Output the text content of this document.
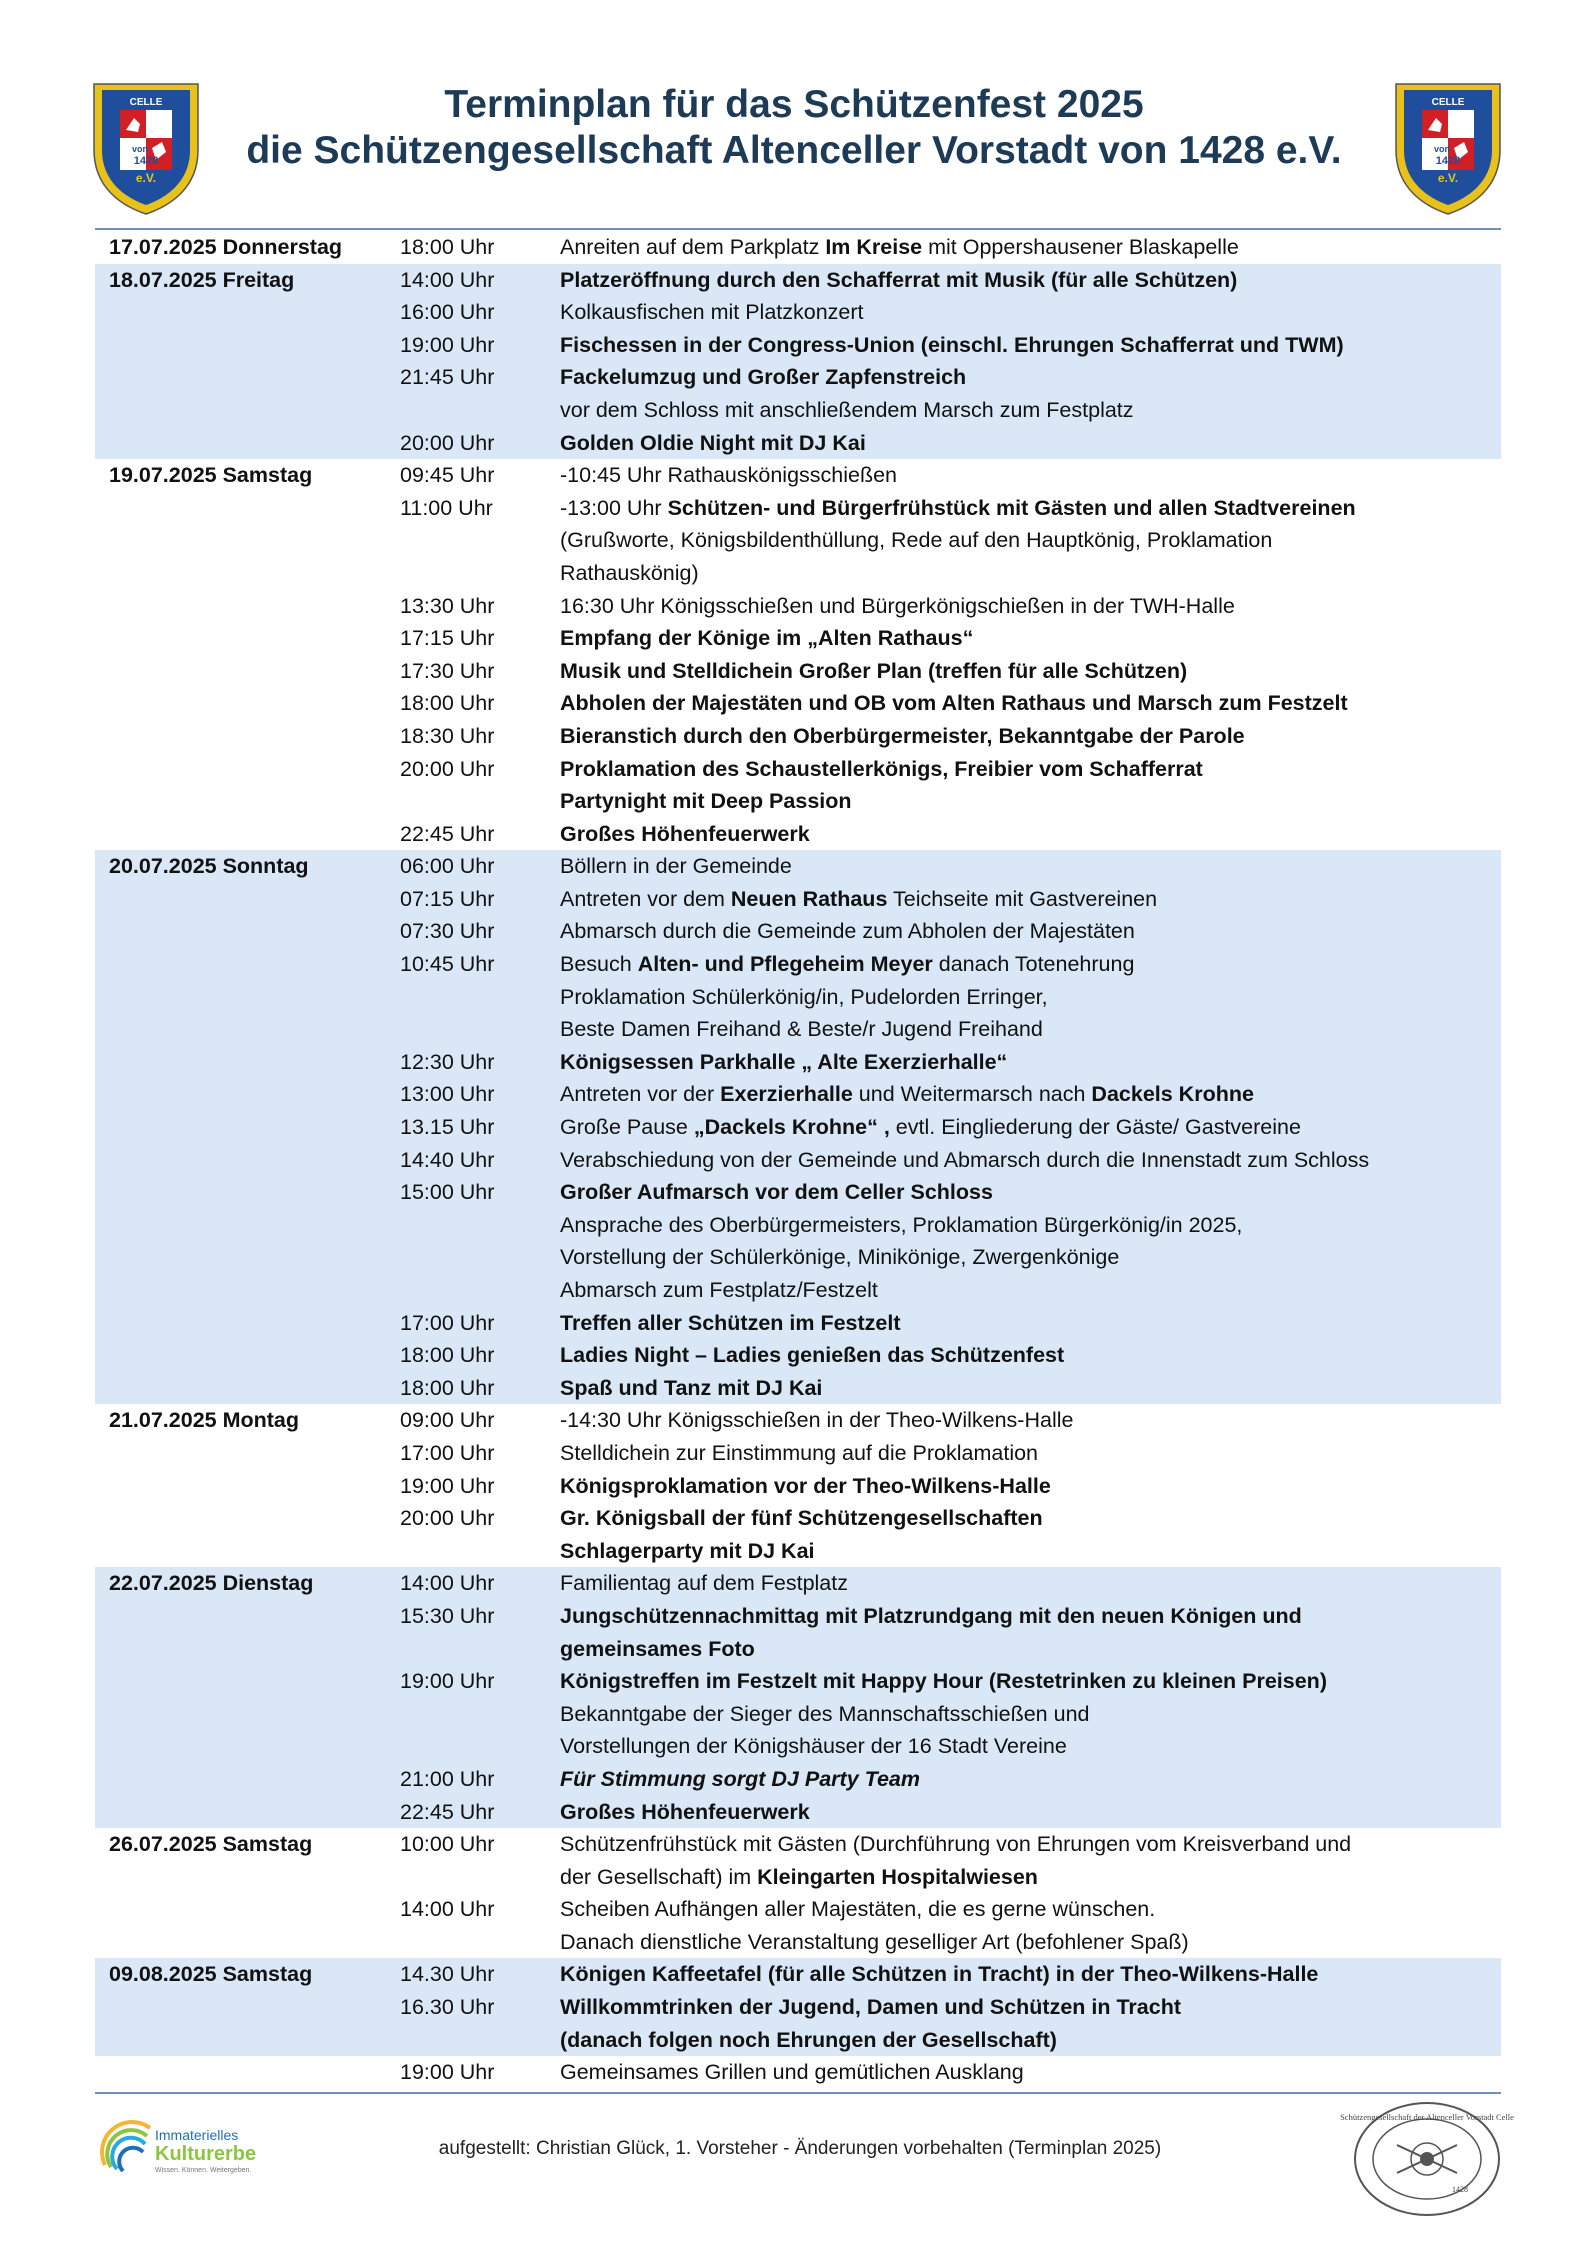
CELLE
von
1428
e.V.
CELLE
von
1428
e.V.
Terminplan für das Schützenfest 2025
die Schützengesellschaft Altenceller Vorstadt von 1428 e.V.
17.07.2025 Donnerstag	18:00 Uhr	Anreiten auf dem Parkplatz Im Kreise mit Oppershausener Blaskapelle
18.07.2025 Freitag	14:00 Uhr	Platzeröffnung durch den Schafferrat mit Musik (für alle Schützen)
16:00 Uhr	Kolkausfischen mit Platzkonzert
19:00 Uhr	Fischessen in der Congress-Union (einschl. Ehrungen Schafferrat und TWM)
21:45 Uhr	Fackelumzug und Großer Zapfenstreich
vor dem Schloss mit anschließendem Marsch zum Festplatz
20:00 Uhr	Golden Oldie Night mit DJ Kai
19.07.2025 Samstag	09:45 Uhr	-10:45 Uhr Rathauskönigsschießen
11:00 Uhr	-13:00 Uhr Schützen- und Bürgerfrühstück mit Gästen und allen Stadtvereinen
(Grußworte, Königsbildenthüllung, Rede auf den Hauptkönig, Proklamation
Rathauskönig)
13:30 Uhr	16:30 Uhr Königsschießen und Bürgerkönigschießen in der TWH-Halle
17:15 Uhr	Empfang der Könige im „Alten Rathaus“
17:30 Uhr	Musik und Stelldichein Großer Plan (treffen für alle Schützen)
18:00 Uhr	Abholen der Majestäten und OB vom Alten Rathaus und Marsch zum Festzelt
18:30 Uhr	Bieranstich durch den Oberbürgermeister, Bekanntgabe der Parole
20:00 Uhr	Proklamation des Schaustellerkönigs, Freibier vom Schafferrat
Partynight mit Deep Passion
22:45 Uhr	Großes Höhenfeuerwerk
20.07.2025 Sonntag	06:00 Uhr	Böllern in der Gemeinde
07:15 Uhr	Antreten vor dem Neuen Rathaus Teichseite mit Gastvereinen
07:30 Uhr	Abmarsch durch die Gemeinde zum Abholen der Majestäten
10:45 Uhr	Besuch Alten- und Pflegeheim Meyer danach Totenehrung
Proklamation Schülerkönig/in, Pudelorden Erringer,
Beste Damen Freihand & Beste/r Jugend Freihand
12:30 Uhr	Königsessen Parkhalle „ Alte Exerzierhalle“
13:00 Uhr	Antreten vor der Exerzierhalle und Weitermarsch nach Dackels Krohne
13.15 Uhr	Große Pause „Dackels Krohne“ , evtl. Eingliederung der Gäste/ Gastvereine
14:40 Uhr	Verabschiedung von der Gemeinde und Abmarsch durch die Innenstadt zum Schloss
15:00 Uhr	Großer Aufmarsch vor dem Celler Schloss
Ansprache des Oberbürgermeisters, Proklamation Bürgerkönig/in 2025,
Vorstellung der Schülerkönige, Minikönige, Zwergenkönige
Abmarsch zum Festplatz/Festzelt
17:00 Uhr	Treffen aller Schützen im Festzelt
18:00 Uhr	Ladies Night – Ladies genießen das Schützenfest
18:00 Uhr	Spaß und Tanz mit DJ Kai
21.07.2025 Montag	09:00 Uhr	-14:30 Uhr Königsschießen in der Theo-Wilkens-Halle
17:00 Uhr	Stelldichein zur Einstimmung auf die Proklamation
19:00 Uhr	Königsproklamation vor der Theo-Wilkens-Halle
20:00 Uhr	Gr. Königsball der fünf Schützengesellschaften
Schlagerparty mit DJ Kai
22.07.2025 Dienstag	14:00 Uhr	Familientag auf dem Festplatz
15:30 Uhr	Jungschützennachmittag mit Platzrundgang mit den neuen Königen und
gemeinsames Foto
19:00 Uhr	Königstreffen im Festzelt mit Happy Hour (Restetrinken zu kleinen Preisen)
Bekanntgabe der Sieger des Mannschaftsschießen und
Vorstellungen der Königshäuser der 16 Stadt Vereine
21:00 Uhr	Für Stimmung sorgt DJ Party Team
22:45 Uhr	Großes Höhenfeuerwerk
26.07.2025 Samstag	10:00 Uhr	Schützenfrühstück mit Gästen (Durchführung von Ehrungen vom Kreisverband und
der Gesellschaft) im Kleingarten Hospitalwiesen
14:00 Uhr	Scheiben Aufhängen aller Majestäten, die es gerne wünschen.
Danach dienstliche Veranstaltung geselliger Art (befohlener Spaß)
09.08.2025 Samstag	14.30 Uhr	Königen Kaffeetafel (für alle Schützen in Tracht) in der Theo-Wilkens-Halle
16.30 Uhr	Willkommtrinken der Jugend, Damen und Schützen in Tracht
(danach folgen noch Ehrungen der Gesellschaft)
19:00 Uhr	Gemeinsames Grillen und gemütlichen Ausklang
Immaterielles
Kulturerbe
Wissen. Können. Weitergeben.
aufgestellt: Christian Glück, 1. Vorsteher - Änderungen vorbehalten (Terminplan 2025)
Schützengesellschaft der Altenceller Vorstadt Celle
1428
